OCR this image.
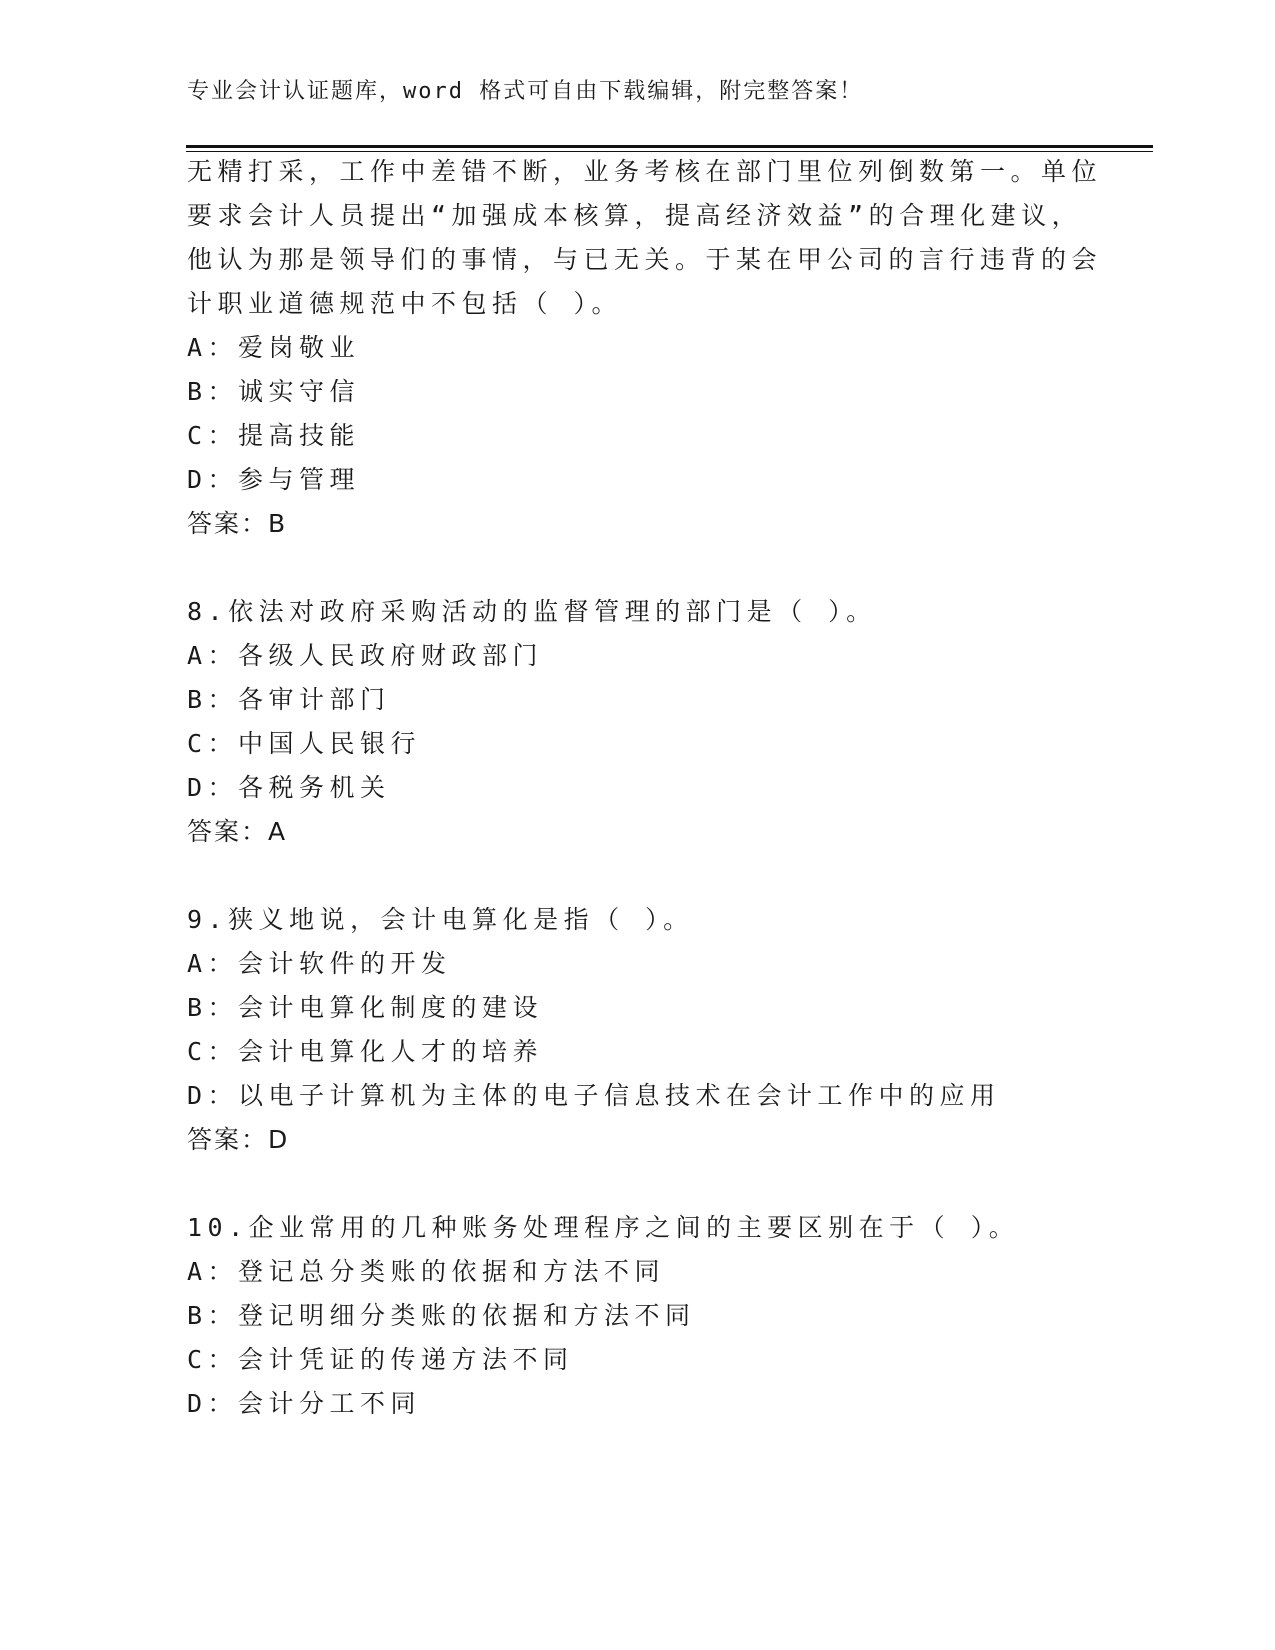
专业会计认证题库，word 格式可自由下载编辑，附完整答案！
无精打采，工作中差错不断，业务考核在部门里位列倒数第一。单位
要求会计人员提出“加强成本核算，提高经济效益”的合理化建议，
他认为那是领导们的事情，与已无关。于某在甲公司的言行违背的会
计职业道德规范中不包括（ ）。
A：爱岗敬业
B：诚实守信
C：提高技能
D：参与管理
答案：B
8.依法对政府采购活动的监督管理的部门是（ ）。
A：各级人民政府财政部门
B：各审计部门
C：中国人民银行
D：各税务机关
答案：A
9.狭义地说，会计电算化是指（ ）。
A：会计软件的开发
B：会计电算化制度的建设
C：会计电算化人才的培养
D：以电子计算机为主体的电子信息技术在会计工作中的应用
答案：D
10.企业常用的几种账务处理程序之间的主要区别在于（ ）。
A：登记总分类账的依据和方法不同
B：登记明细分类账的依据和方法不同
C：会计凭证的传递方法不同
D：会计分工不同
